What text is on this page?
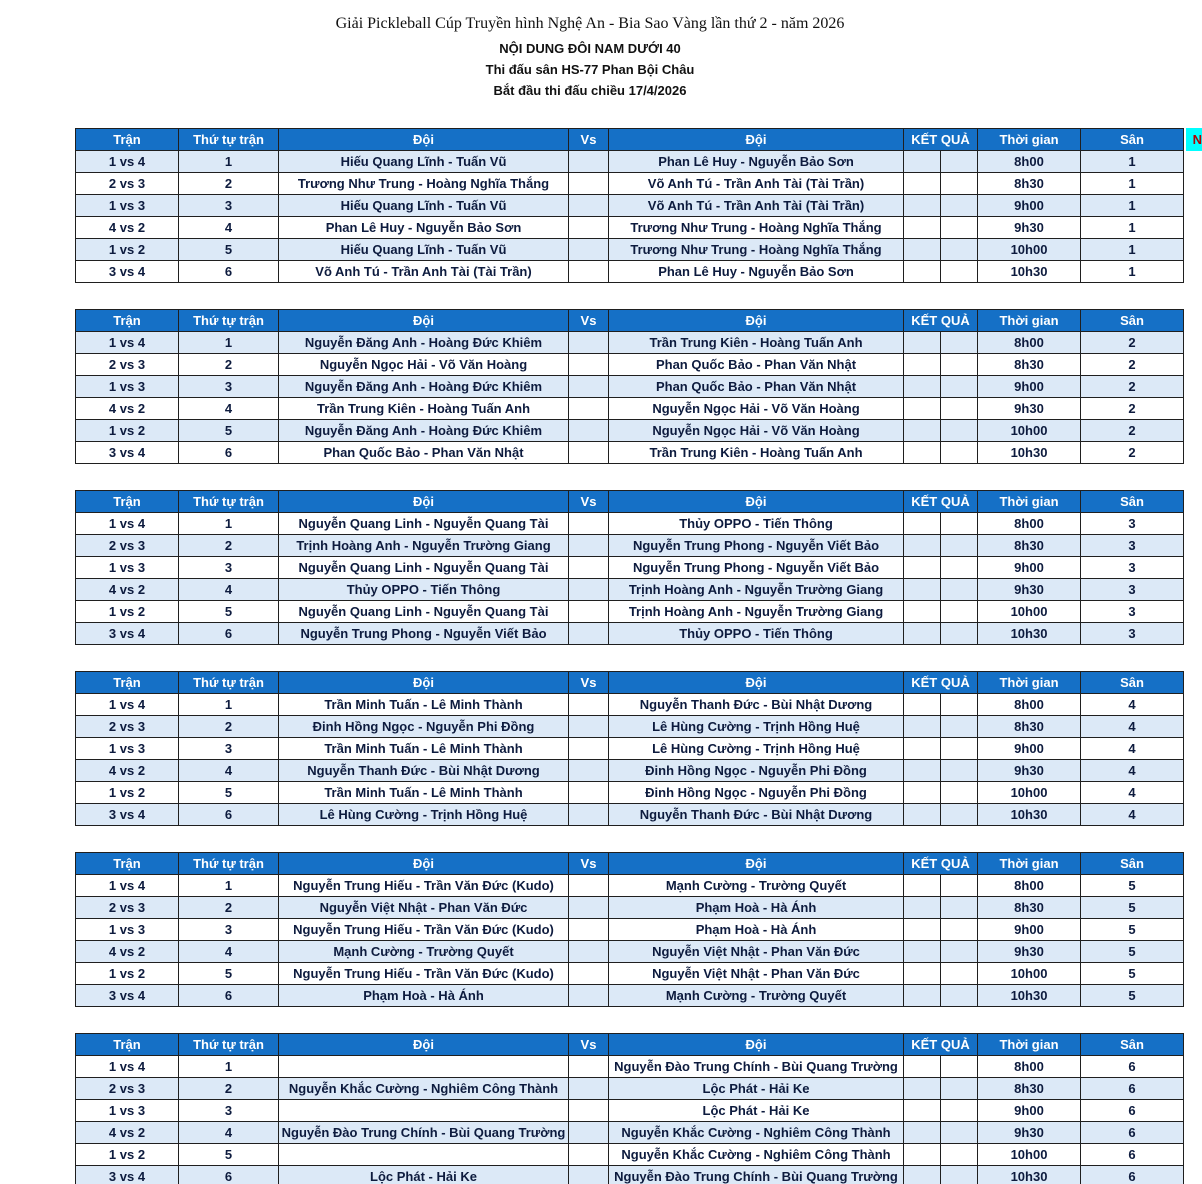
Giải Pickleball Cúp Truyền hình Nghệ An - Bia Sao Vàng lần thứ 2 - năm 2026
NỘI DUNG ĐÔI NAM DƯỚI 40
Thi đấu sân HS-77 Phan Bội Châu
Bắt đầu thi đấu chiều 17/4/2026
Trận	Thứ tự trận	Đội	Vs	Đội	KẾT QUẢ		Thời gian	Sân
1 vs 4	1	Hiếu Quang Lĩnh - Tuấn Vũ		Phan Lê Huy - Nguyễn Bảo Sơn			8h00	1
2 vs 3	2	Trương Như Trung - Hoàng Nghĩa Thắng		Võ Anh Tú - Trần Anh Tài (Tài Trần)			8h30	1
1 vs 3	3	Hiếu Quang Lĩnh - Tuấn Vũ		Võ Anh Tú - Trần Anh Tài (Tài Trần)			9h00	1
4 vs 2	4	Phan Lê Huy - Nguyễn Bảo Sơn		Trương Như Trung - Hoàng Nghĩa Thắng			9h30	1
1 vs 2	5	Hiếu Quang Lĩnh - Tuấn Vũ		Trương Như Trung - Hoàng Nghĩa Thắng			10h00	1
3 vs 4	6	Võ Anh Tú - Trần Anh Tài (Tài Trần)		Phan Lê Huy - Nguyễn Bảo Sơn			10h30	1
Trận	Thứ tự trận	Đội	Vs	Đội	KẾT QUẢ		Thời gian	Sân
1 vs 4	1	Nguyễn Đăng Anh - Hoàng Đức Khiêm		Trần Trung Kiên - Hoàng Tuấn Anh			8h00	2
2 vs 3	2	Nguyễn Ngọc Hải - Võ Văn Hoàng		Phan Quốc Bảo - Phan Văn Nhật			8h30	2
1 vs 3	3	Nguyễn Đăng Anh - Hoàng Đức Khiêm		Phan Quốc Bảo - Phan Văn Nhật			9h00	2
4 vs 2	4	Trần Trung Kiên - Hoàng Tuấn Anh		Nguyễn Ngọc Hải - Võ Văn Hoàng			9h30	2
1 vs 2	5	Nguyễn Đăng Anh - Hoàng Đức Khiêm		Nguyễn Ngọc Hải - Võ Văn Hoàng			10h00	2
3 vs 4	6	Phan Quốc Bảo - Phan Văn Nhật		Trần Trung Kiên - Hoàng Tuấn Anh			10h30	2
Trận	Thứ tự trận	Đội	Vs	Đội	KẾT QUẢ		Thời gian	Sân
1 vs 4	1	Nguyễn Quang Linh - Nguyễn Quang Tài		Thủy OPPO - Tiến Thông			8h00	3
2 vs 3	2	Trịnh Hoàng Anh - Nguyễn Trường Giang		Nguyễn Trung Phong - Nguyễn Viết Bảo			8h30	3
1 vs 3	3	Nguyễn Quang Linh - Nguyễn Quang Tài		Nguyễn Trung Phong - Nguyễn Viết Bảo			9h00	3
4 vs 2	4	Thủy OPPO - Tiến Thông		Trịnh Hoàng Anh - Nguyễn Trường Giang			9h30	3
1 vs 2	5	Nguyễn Quang Linh - Nguyễn Quang Tài		Trịnh Hoàng Anh - Nguyễn Trường Giang			10h00	3
3 vs 4	6	Nguyễn Trung Phong - Nguyễn Viết Bảo		Thủy OPPO - Tiến Thông			10h30	3
Trận	Thứ tự trận	Đội	Vs	Đội	KẾT QUẢ		Thời gian	Sân
1 vs 4	1	Trần Minh Tuấn - Lê Minh Thành		Nguyễn Thanh Đức - Bùi Nhật Dương			8h00	4
2 vs 3	2	Đinh Hồng Ngọc - Nguyễn Phi Đồng		Lê Hùng Cường - Trịnh Hồng Huệ			8h30	4
1 vs 3	3	Trần Minh Tuấn - Lê Minh Thành		Lê Hùng Cường - Trịnh Hồng Huệ			9h00	4
4 vs 2	4	Nguyễn Thanh Đức - Bùi Nhật Dương		Đinh Hồng Ngọc - Nguyễn Phi Đồng			9h30	4
1 vs 2	5	Trần Minh Tuấn - Lê Minh Thành		Đinh Hồng Ngọc - Nguyễn Phi Đồng			10h00	4
3 vs 4	6	Lê Hùng Cường - Trịnh Hồng Huệ		Nguyễn Thanh Đức - Bùi Nhật Dương			10h30	4
Trận	Thứ tự trận	Đội	Vs	Đội	KẾT QUẢ		Thời gian	Sân
1 vs 4	1	Nguyễn Trung Hiếu - Trần Văn Đức (Kudo)		Mạnh Cường - Trường Quyết			8h00	5
2 vs 3	2	Nguyễn Việt Nhật - Phan Văn Đức		Phạm Hoà - Hà Ánh			8h30	5
1 vs 3	3	Nguyễn Trung Hiếu - Trần Văn Đức (Kudo)		Phạm Hoà - Hà Ánh			9h00	5
4 vs 2	4	Mạnh Cường - Trường Quyết		Nguyễn Việt Nhật - Phan Văn Đức			9h30	5
1 vs 2	5	Nguyễn Trung Hiếu - Trần Văn Đức (Kudo)		Nguyễn Việt Nhật - Phan Văn Đức			10h00	5
3 vs 4	6	Phạm Hoà - Hà Ánh		Mạnh Cường - Trường Quyết			10h30	5
Trận	Thứ tự trận	Đội	Vs	Đội	KẾT QUẢ		Thời gian	Sân
1 vs 4	1			Nguyễn Đào Trung Chính - Bùi Quang Trường			8h00	6
2 vs 3	2	Nguyễn Khắc Cường - Nghiêm Công Thành		Lộc Phát - Hải Ke			8h30	6
1 vs 3	3			Lộc Phát - Hải Ke			9h00	6
4 vs 2	4	Nguyễn Đào Trung Chính - Bùi Quang Trường		Nguyễn Khắc Cường - Nghiêm Công Thành			9h30	6
1 vs 2	5			Nguyễn Khắc Cường - Nghiêm Công Thành			10h00	6
3 vs 4	6	Lộc Phát - Hải Ke		Nguyễn Đào Trung Chính - Bùi Quang Trường			10h30	6
N
